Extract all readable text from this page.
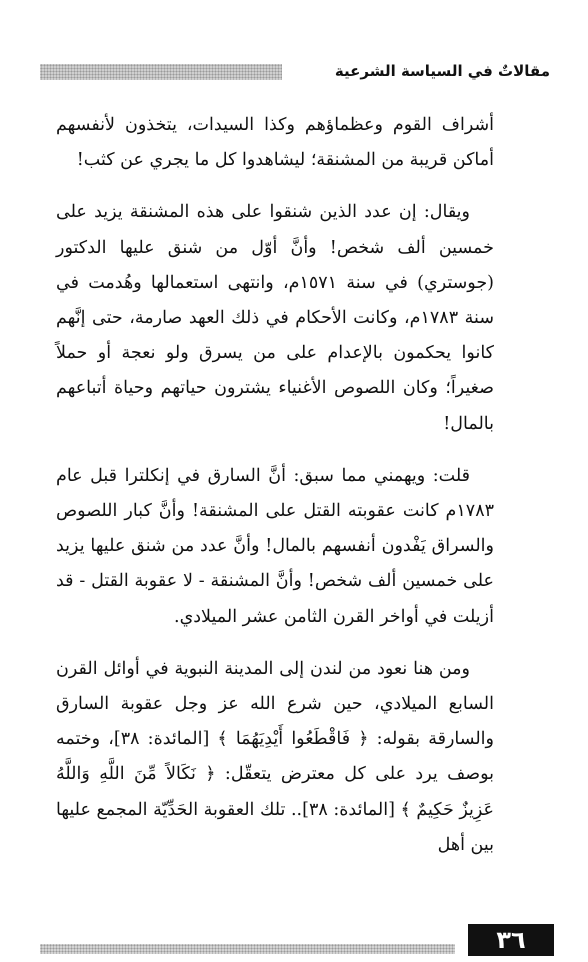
مقالاتٌ في السياسة الشرعية

أشراف القوم وعظماؤهم وكذا السيدات، يتخذون لأنفسهم أماكن قريبة من المشنقة؛ ليشاهدوا كل ما يجري عن كثب!

ويقال: إن عدد الذين شنقوا على هذه المشنقة يزيد على خمسين ألف شخص! وأنَّ أوّل من شنق عليها الدكتور (جوستري) في سنة ١٥٧١م، وانتهى استعمالها وهُدمت في سنة ١٧٨٣م، وكانت الأحكام في ذلك العهد صارمة، حتى إنَّهم كانوا يحكمون بالإعدام على من يسرق ولو نعجة أو حملاً صغيراً؛ وكان اللصوص الأغنياء يشترون حياتهم وحياة أتباعهم بالمال!

قلت: ويهمني مما سبق: أنَّ السارق في إنكلترا قبل عام ١٧٨٣م كانت عقوبته القتل على المشنقة! وأنَّ كبار اللصوص والسراق يَفْدون أنفسهم بالمال! وأنَّ عدد من شنق عليها يزيد على خمسين ألف شخص! وأنَّ المشنقة - لا عقوبة القتل - قد أزيلت في أواخر القرن الثامن عشر الميلادي.

ومن هنا نعود من لندن إلى المدينة النبوية في أوائل القرن السابع الميلادي، حين شرع الله عز وجل عقوبة السارق والسارقة بقوله: ﴿ فَاقْطَعُوا أَيْدِيَهُمَا ﴾ [المائدة: ٣٨]، وختمه بوصف يرد على كل معترض يتعقّل: ﴿ نَكَالاً مِّنَ اللَّهِ وَاللَّهُ عَزِيزٌ حَكِيمٌ ﴾ [المائدة: ٣٨].. تلك العقوبة الحَدِّيّة المجمع عليها بين أهل

٣٦
